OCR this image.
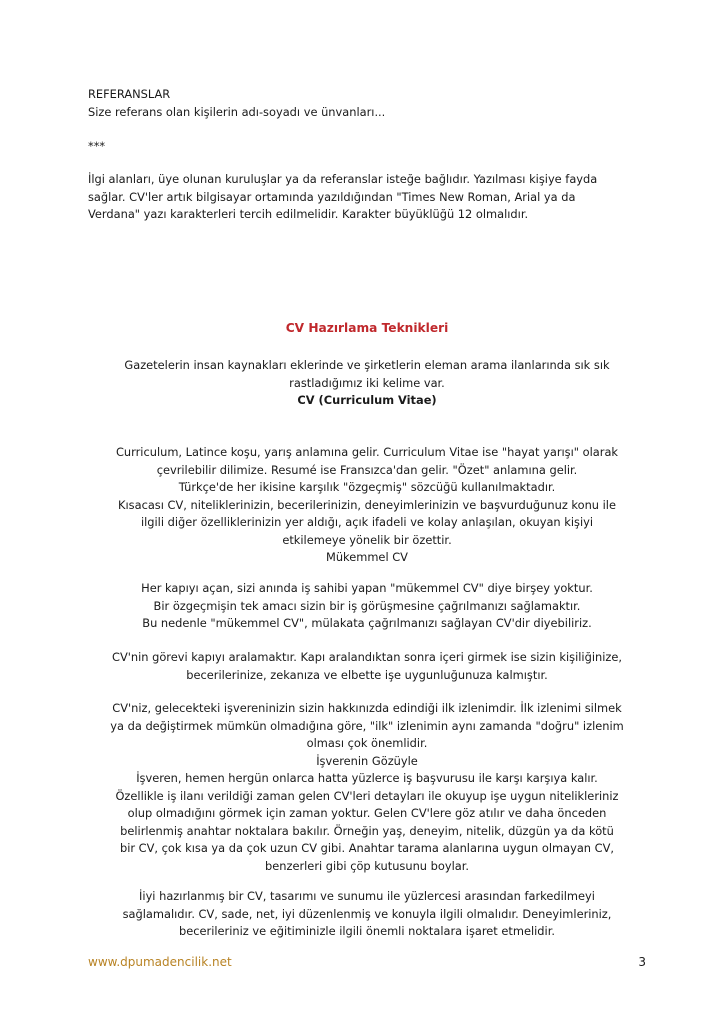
REFERANSLAR
Size referans olan kişilerin adı-soyadı ve ünvanları...

***

İlgi alanları, üye olunan kuruluşlar ya da referanslar isteğe bağlıdır. Yazılması kişiye fayda
sağlar. CV'ler artık bilgisayar ortamında yazıldığından "Times New Roman, Arial ya da
Verdana" yazı karakterleri tercih edilmelidir. Karakter büyüklüğü 12 olmalıdır.

CV Hazırlama Teknikleri

Gazetelerin insan kaynakları eklerinde ve şirketlerin eleman arama ilanlarında sık sık
rastladığımız iki kelime var.
CV (Curriculum Vitae)

Curriculum, Latince koşu, yarış anlamına gelir. Curriculum Vitae ise "hayat yarışı" olarak
çevrilebilir dilimize. Resumé ise Fransızca'dan gelir. "Özet" anlamına gelir.
Türkçe'de her ikisine karşılık "özgeçmiş" sözcüğü kullanılmaktadır.
Kısacası CV, niteliklerinizin, becerilerinizin, deneyimlerinizin ve başvurduğunuz konu ile
ilgili diğer özelliklerinizin yer aldığı, açık ifadeli ve kolay anlaşılan, okuyan kişiyi
etkilemeye yönelik bir özettir.
Mükemmel CV

Her kapıyı açan, sizi anında iş sahibi yapan "mükemmel CV" diye birşey yoktur.
Bir özgeçmişin tek amacı sizin bir iş görüşmesine çağrılmanızı sağlamaktır.
Bu nedenle "mükemmel CV", mülakata çağrılmanızı sağlayan CV'dir diyebiliriz.

CV'nin görevi kapıyı aralamaktır. Kapı aralandıktan sonra içeri girmek ise sizin kişiliğinize,
becerilerinize, zekanıza ve elbette işe uygunluğunuza kalmıştır.

CV'niz, gelecekteki işvereninizin sizin hakkınızda edindiği ilk izlenimdir. İlk izlenimi silmek
ya da değiştirmek mümkün olmadığına göre, "ilk" izlenimin aynı zamanda "doğru" izlenim
olması çok önemlidir.
İşverenin Gözüyle
İşveren, hemen hergün onlarca hatta yüzlerce iş başvurusu ile karşı karşıya kalır.
Özellikle iş ilanı verildiği zaman gelen CV'leri detayları ile okuyup işe uygun nitelikleriniz
olup olmadığını görmek için zaman yoktur. Gelen CV'lere göz atılır ve daha önceden
belirlenmiş anahtar noktalara bakılır. Örneğin yaş, deneyim, nitelik, düzgün ya da kötü
bir CV, çok kısa ya da çok uzun CV gibi. Anahtar tarama alanlarına uygun olmayan CV,
benzerleri gibi çöp kutusunu boylar.

İiyi hazırlanmış bir CV, tasarımı ve sunumu ile yüzlercesi arasından farkedilmeyi
sağlamalıdır. CV, sade, net, iyi düzenlenmiş ve konuyla ilgili olmalıdır. Deneyimleriniz,
becerileriniz ve eğitiminizle ilgili önemli noktalara işaret etmelidir.

www.dpumadencilik.net	3
